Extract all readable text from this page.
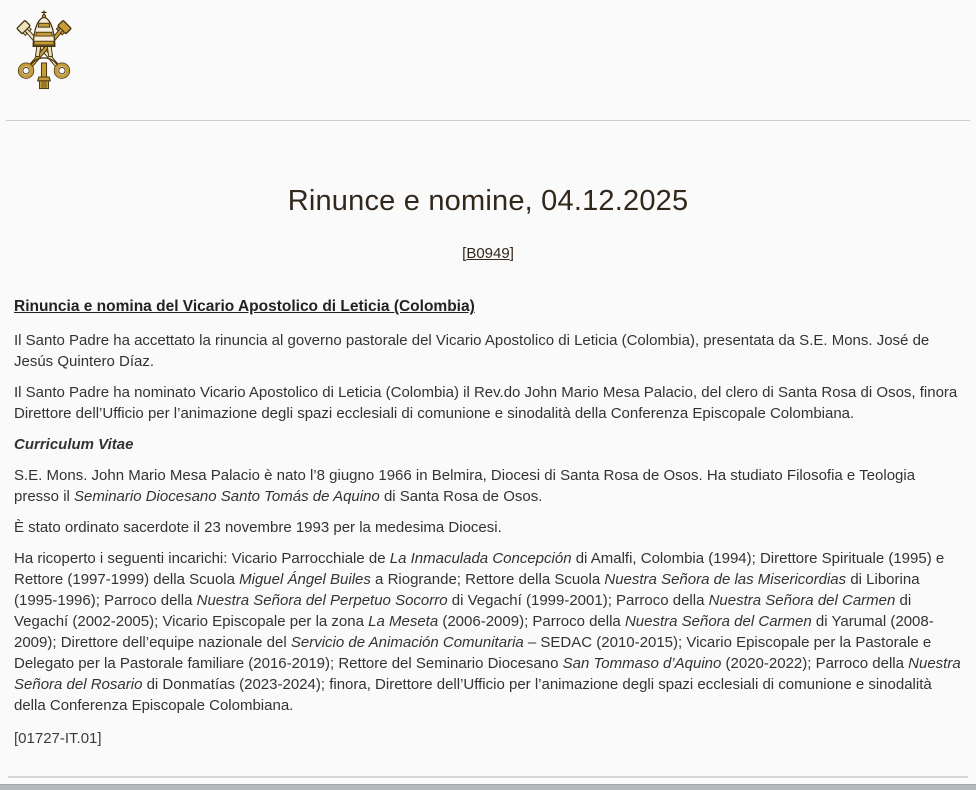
Rinunce e nomine, 04.12.2025
[B0949]
Rinuncia e nomina del Vicario Apostolico di Leticia (Colombia)

Il Santo Padre ha accettato la rinuncia al governo pastorale del Vicario Apostolico di Leticia (Colombia), presentata da S.E. Mons. José de Jesús Quintero Díaz.

Il Santo Padre ha nominato Vicario Apostolico di Leticia (Colombia) il Rev.do John Mario Mesa Palacio, del clero di Santa Rosa di Osos, finora Direttore dell’Ufficio per l’animazione degli spazi ecclesiali di comunione e sinodalità della Conferenza Episcopale Colombiana.

Curriculum Vitae

S.E. Mons. John Mario Mesa Palacio è nato l’8 giugno 1966 in Belmira, Diocesi di Santa Rosa de Osos. Ha studiato Filosofia e Teologia presso il Seminario Diocesano Santo Tomás de Aquino di Santa Rosa de Osos.

È stato ordinato sacerdote il 23 novembre 1993 per la medesima Diocesi.

Ha ricoperto i seguenti incarichi: Vicario Parrocchiale de La Inmaculada Concepción di Amalfi, Colombia (1994); Direttore Spirituale (1995) e Rettore (1997-1999) della Scuola Miguel Ángel Builes a Riogrande; Rettore della Scuola Nuestra Señora de las Misericordias di Liborina (1995-1996); Parroco della Nuestra Señora del Perpetuo Socorro di Vegachí (1999-2001); Parroco della Nuestra Señora del Carmen di Vegachí (2002-2005); Vicario Episcopale per la zona La Meseta (2006-2009); Parroco della Nuestra Señora del Carmen di Yarumal (2008-2009); Direttore dell’equipe nazionale del Servicio de Animación Comunitaria – SEDAC (2010-2015); Vicario Episcopale per la Pastorale e Delegato per la Pastorale familiare (2016-2019); Rettore del Seminario Diocesano San Tommaso d’Aquino (2020-2022); Parroco della Nuestra Señora del Rosario di Donmatías (2023-2024); finora, Direttore dell’Ufficio per l’animazione degli spazi ecclesiali di comunione e sinodalità della Conferenza Episcopale Colombiana.

[01727-IT.01]
